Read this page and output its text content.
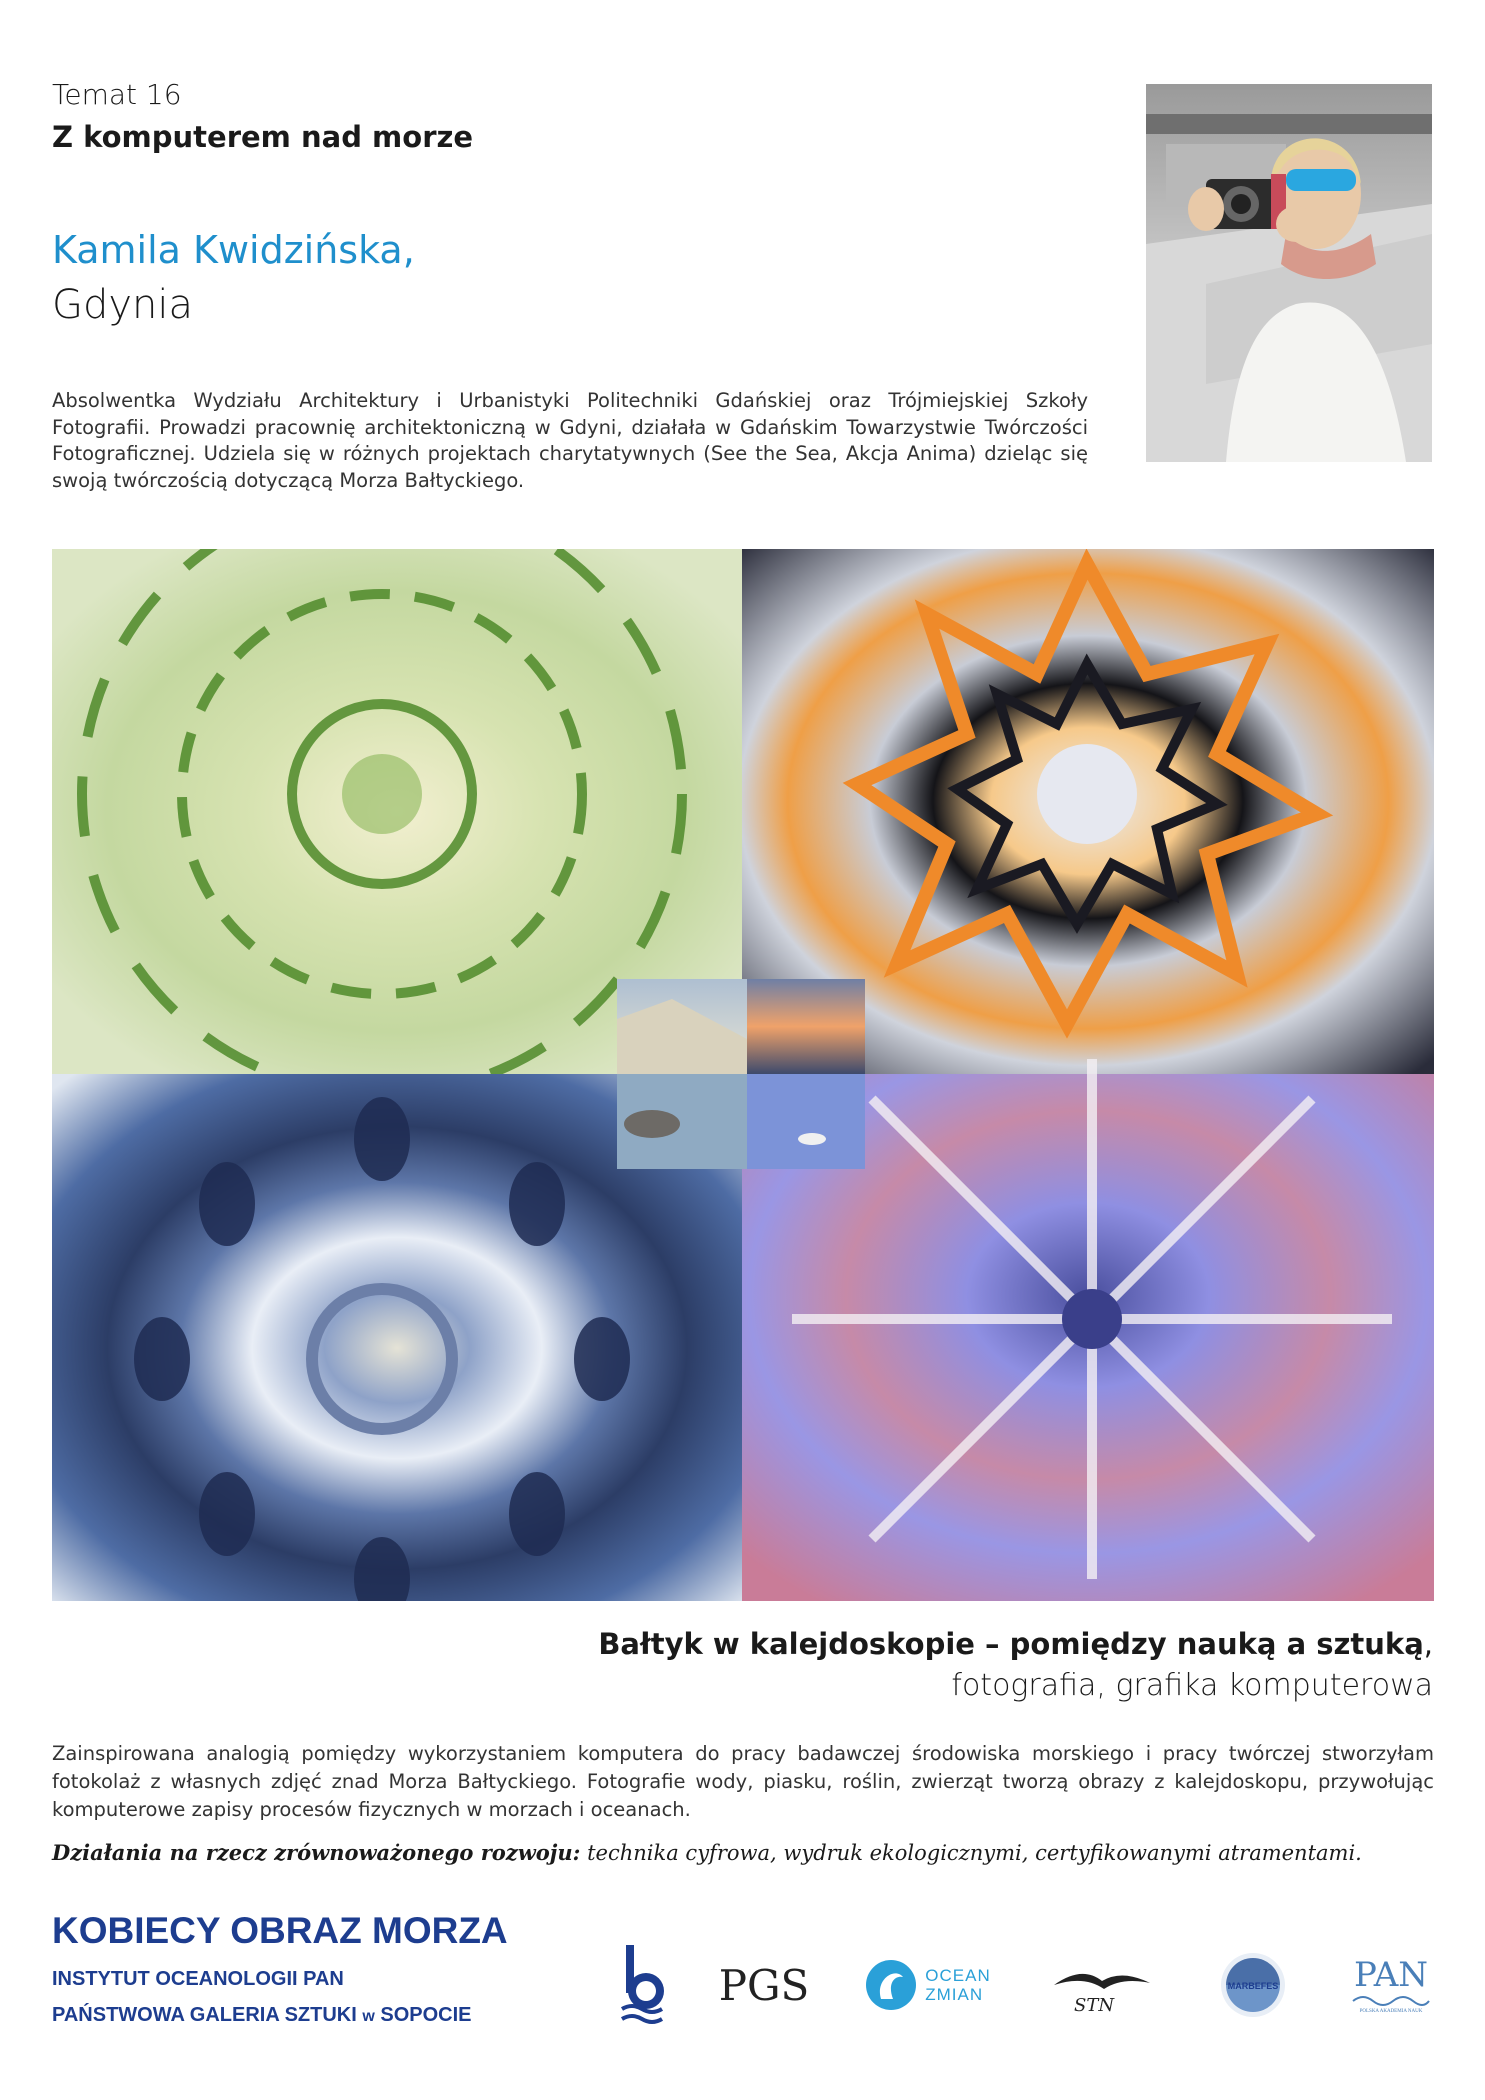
Temat 16
Z komputerem nad morze
Kamila Kwidzińska,
Gdynia
Absolwentka Wydziału Architektury i Urbanistyki Politechniki Gdańskiej oraz Trójmiejskiej Szkoły Fotografii. Prowadzi pracownię architektoniczną w Gdyni, działała w Gdańskim Towarzystwie Twórczości Fotograficznej. Udziela się w różnych projektach charytatywnych (See the Sea, Akcja Anima) dzieląc się swoją twórczością dotyczącą Morza Bałtyckiego.
Bałtyk w kalejdoskopie – pomiędzy nauką a sztuką,
fotografia, grafika komputerowa
Zainspirowana analogią pomiędzy wykorzystaniem komputera do pracy badawczej środowiska morskiego i pracy twórczej stworzyłam fotokolaż z własnych zdjęć znad Morza Bałtyckiego. Fotografie wody, piasku, roślin, zwierząt tworzą obrazy z kalejdoskopu, przywołując komputerowe zapisy procesów fizycznych w morzach i oceanach.
Działania na rzecz zrównoważonego rozwoju: technika cyfrowa, wydruk ekologicznymi, certyfikowanymi atramentami.
KOBIECY OBRAZ MORZA
INSTYTUT OCEANOLOGII PAN
PAŃSTWOWA GALERIA SZTUKI w SOPOCIE
PGS	OCEAN
ZMIAN
STN
MARBEFES PAN
POLSKA AKADEMIA NAUK
